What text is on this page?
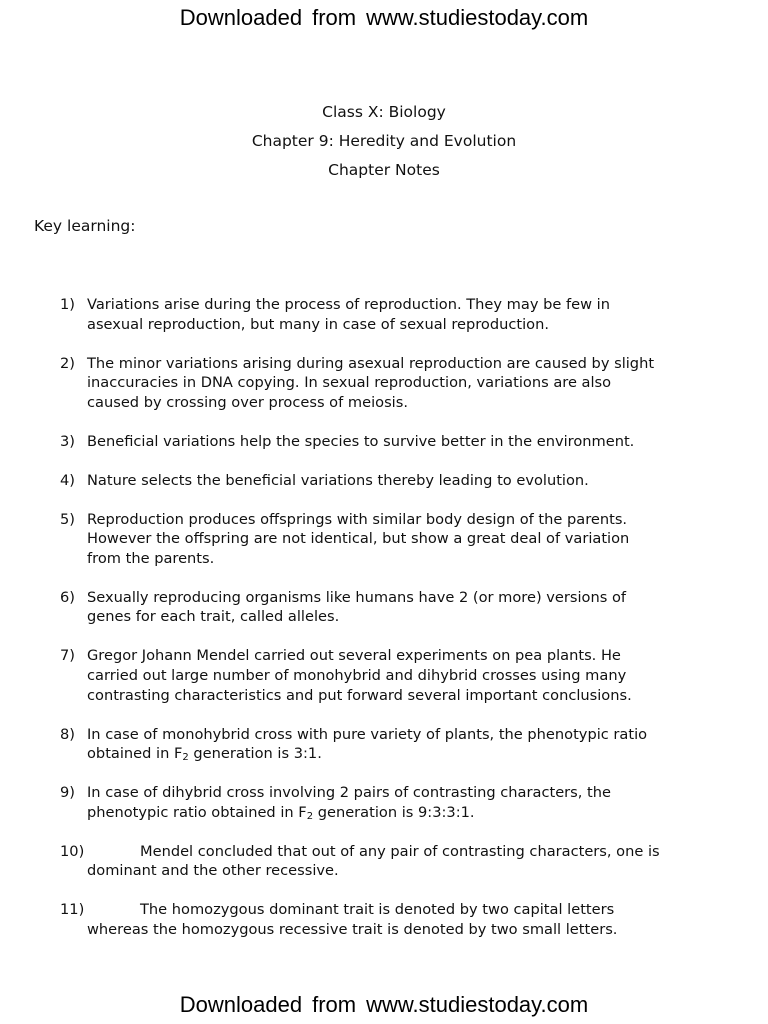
Downloaded from www.studiestoday.com
Class X: Biology
Chapter 9: Heredity and Evolution
Chapter Notes
Key learning:
1) Variations arise during the process of reproduction. They may be few in
asexual reproduction, but many in case of sexual reproduction.
2) The minor variations arising during asexual reproduction are caused by slight
inaccuracies in DNA copying. In sexual reproduction, variations are also
caused by crossing over process of meiosis.
3) Beneficial variations help the species to survive better in the environment.
4) Nature selects the beneficial variations thereby leading to evolution.
5) Reproduction produces offsprings with similar body design of the parents.
However the offspring are not identical, but show a great deal of variation
from the parents.
6) Sexually reproducing organisms like humans have 2 (or more) versions of
genes for each trait, called alleles.
7) Gregor Johann Mendel carried out several experiments on pea plants. He
carried out large number of monohybrid and dihybrid crosses using many
contrasting characteristics and put forward several important conclusions.
8) In case of monohybrid cross with pure variety of plants, the phenotypic ratio
obtained in $F_2$ generation is 3:1.
9) In case of dihybrid cross involving 2 pairs of contrasting characters, the
phenotypic ratio obtained in $F_2$ generation is 9:3:3:1.
10)	Mendel concluded that out of any pair of contrasting characters, one is
dominant and the other recessive.
11)	The homozygous dominant trait is denoted by two capital letters
whereas the homozygous recessive trait is denoted by two small letters.
Downloaded from www.studiestoday.com
